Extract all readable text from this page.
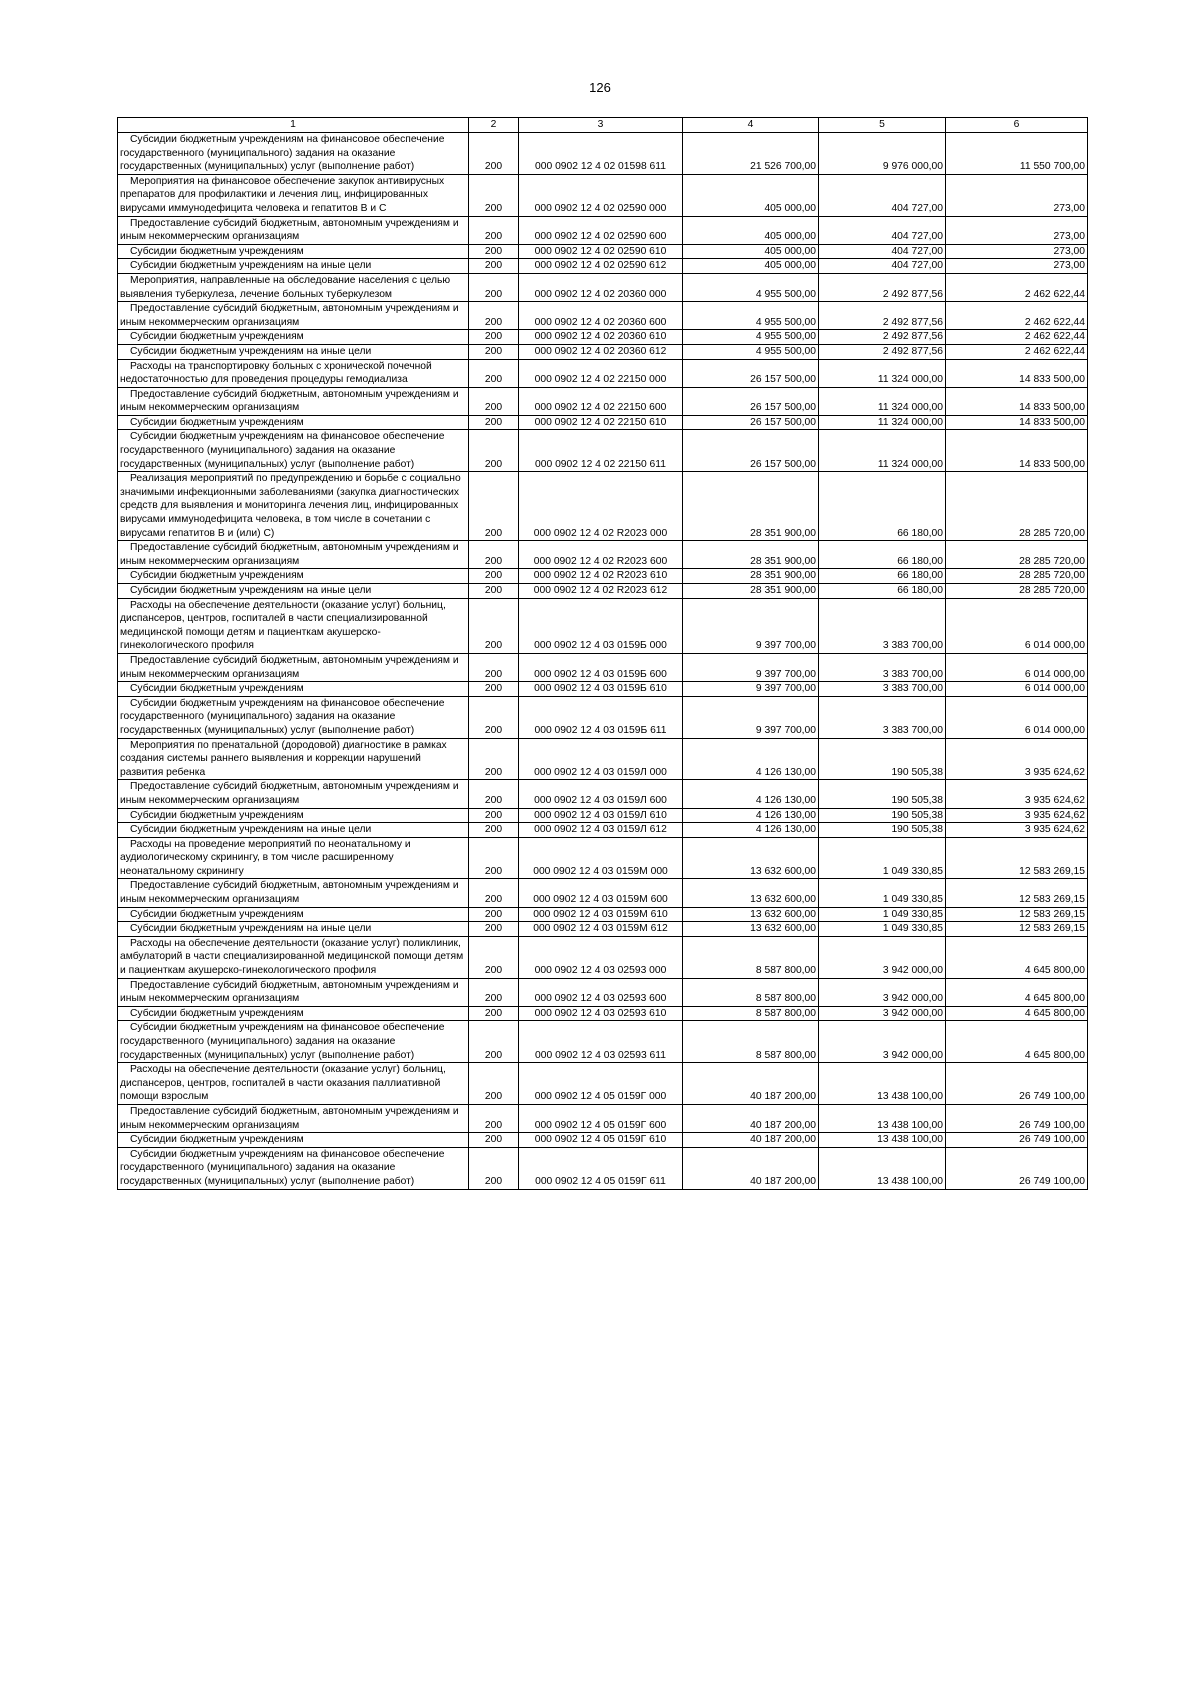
126
1	2	3	4	5	6
Субсидии бюджетным учреждениям на финансовое обеспечение государственного (муниципального) задания на оказание государственных (муниципальных) услуг (выполнение работ)	200	000 0902 12 4 02 01598 611	21 526 700,00	9 976 000,00	11 550 700,00
Мероприятия на финансовое обеспечение закупок антивирусных препаратов для профилактики и лечения лиц, инфицированных вирусами иммунодефицита человека и гепатитов В и С	200	000 0902 12 4 02 02590 000	405 000,00	404 727,00	273,00
Предоставление субсидий бюджетным, автономным учреждениям и иным некоммерческим организациям	200	000 0902 12 4 02 02590 600	405 000,00	404 727,00	273,00
Субсидии бюджетным учреждениям	200	000 0902 12 4 02 02590 610	405 000,00	404 727,00	273,00
Субсидии бюджетным учреждениям на иные цели	200	000 0902 12 4 02 02590 612	405 000,00	404 727,00	273,00
Мероприятия, направленные на обследование населения с целью выявления туберкулеза, лечение больных туберкулезом	200	000 0902 12 4 02 20360 000	4 955 500,00	2 492 877,56	2 462 622,44
Предоставление субсидий бюджетным, автономным учреждениям и иным некоммерческим организациям	200	000 0902 12 4 02 20360 600	4 955 500,00	2 492 877,56	2 462 622,44
Субсидии бюджетным учреждениям	200	000 0902 12 4 02 20360 610	4 955 500,00	2 492 877,56	2 462 622,44
Субсидии бюджетным учреждениям на иные цели	200	000 0902 12 4 02 20360 612	4 955 500,00	2 492 877,56	2 462 622,44
Расходы на транспортировку больных с хронической почечной недостаточностью для проведения процедуры гемодиализа	200	000 0902 12 4 02 22150 000	26 157 500,00	11 324 000,00	14 833 500,00
Предоставление субсидий бюджетным, автономным учреждениям и иным некоммерческим организациям	200	000 0902 12 4 02 22150 600	26 157 500,00	11 324 000,00	14 833 500,00
Субсидии бюджетным учреждениям	200	000 0902 12 4 02 22150 610	26 157 500,00	11 324 000,00	14 833 500,00
Субсидии бюджетным учреждениям на финансовое обеспечение государственного (муниципального) задания на оказание государственных (муниципальных) услуг (выполнение работ)	200	000 0902 12 4 02 22150 611	26 157 500,00	11 324 000,00	14 833 500,00
Реализация мероприятий по предупреждению и борьбе с социально значимыми инфекционными заболеваниями (закупка диагностических средств для выявления и мониторинга лечения лиц, инфицированных вирусами иммунодефицита человека, в том числе в сочетании с вирусами гепатитов В и (или) С)	200	000 0902 12 4 02 R2023 000	28 351 900,00	66 180,00	28 285 720,00
Предоставление субсидий бюджетным, автономным учреждениям и иным некоммерческим организациям	200	000 0902 12 4 02 R2023 600	28 351 900,00	66 180,00	28 285 720,00
Субсидии бюджетным учреждениям	200	000 0902 12 4 02 R2023 610	28 351 900,00	66 180,00	28 285 720,00
Субсидии бюджетным учреждениям на иные цели	200	000 0902 12 4 02 R2023 612	28 351 900,00	66 180,00	28 285 720,00
Расходы на обеспечение деятельности (оказание услуг) больниц, диспансеров, центров, госпиталей в части специализированной медицинской помощи детям и пациенткам акушерско-гинекологического профиля	200	000 0902 12 4 03 0159Б 000	9 397 700,00	3 383 700,00	6 014 000,00
Предоставление субсидий бюджетным, автономным учреждениям и иным некоммерческим организациям	200	000 0902 12 4 03 0159Б 600	9 397 700,00	3 383 700,00	6 014 000,00
Субсидии бюджетным учреждениям	200	000 0902 12 4 03 0159Б 610	9 397 700,00	3 383 700,00	6 014 000,00
Субсидии бюджетным учреждениям на финансовое обеспечение государственного (муниципального) задания на оказание государственных (муниципальных) услуг (выполнение работ)	200	000 0902 12 4 03 0159Б 611	9 397 700,00	3 383 700,00	6 014 000,00
Мероприятия по пренатальной (дородовой) диагностике в рамках создания системы раннего выявления и коррекции нарушений развития ребенка	200	000 0902 12 4 03 0159Л 000	4 126 130,00	190 505,38	3 935 624,62
Предоставление субсидий бюджетным, автономным учреждениям и иным некоммерческим организациям	200	000 0902 12 4 03 0159Л 600	4 126 130,00	190 505,38	3 935 624,62
Субсидии бюджетным учреждениям	200	000 0902 12 4 03 0159Л 610	4 126 130,00	190 505,38	3 935 624,62
Субсидии бюджетным учреждениям на иные цели	200	000 0902 12 4 03 0159Л 612	4 126 130,00	190 505,38	3 935 624,62
Расходы на проведение мероприятий по неонатальному и аудиологическому скринингу, в том числе расширенному неонатальному скринингу	200	000 0902 12 4 03 0159М 000	13 632 600,00	1 049 330,85	12 583 269,15
Предоставление субсидий бюджетным, автономным учреждениям и иным некоммерческим организациям	200	000 0902 12 4 03 0159М 600	13 632 600,00	1 049 330,85	12 583 269,15
Субсидии бюджетным учреждениям	200	000 0902 12 4 03 0159М 610	13 632 600,00	1 049 330,85	12 583 269,15
Субсидии бюджетным учреждениям на иные цели	200	000 0902 12 4 03 0159М 612	13 632 600,00	1 049 330,85	12 583 269,15
Расходы на обеспечение деятельности (оказание услуг) поликлиник, амбулаторий в части специализированной медицинской помощи детям и пациенткам акушерско-гинекологического профиля	200	000 0902 12 4 03 02593 000	8 587 800,00	3 942 000,00	4 645 800,00
Предоставление субсидий бюджетным, автономным учреждениям и иным некоммерческим организациям	200	000 0902 12 4 03 02593 600	8 587 800,00	3 942 000,00	4 645 800,00
Субсидии бюджетным учреждениям	200	000 0902 12 4 03 02593 610	8 587 800,00	3 942 000,00	4 645 800,00
Субсидии бюджетным учреждениям на финансовое обеспечение государственного (муниципального) задания на оказание государственных (муниципальных) услуг (выполнение работ)	200	000 0902 12 4 03 02593 611	8 587 800,00	3 942 000,00	4 645 800,00
Расходы на обеспечение деятельности (оказание услуг) больниц, диспансеров, центров, госпиталей в части оказания паллиативной помощи взрослым	200	000 0902 12 4 05 0159Г 000	40 187 200,00	13 438 100,00	26 749 100,00
Предоставление субсидий бюджетным, автономным учреждениям и иным некоммерческим организациям	200	000 0902 12 4 05 0159Г 600	40 187 200,00	13 438 100,00	26 749 100,00
Субсидии бюджетным учреждениям	200	000 0902 12 4 05 0159Г 610	40 187 200,00	13 438 100,00	26 749 100,00
Субсидии бюджетным учреждениям на финансовое обеспечение государственного (муниципального) задания на оказание государственных (муниципальных) услуг (выполнение работ)	200	000 0902 12 4 05 0159Г 611	40 187 200,00	13 438 100,00	26 749 100,00
